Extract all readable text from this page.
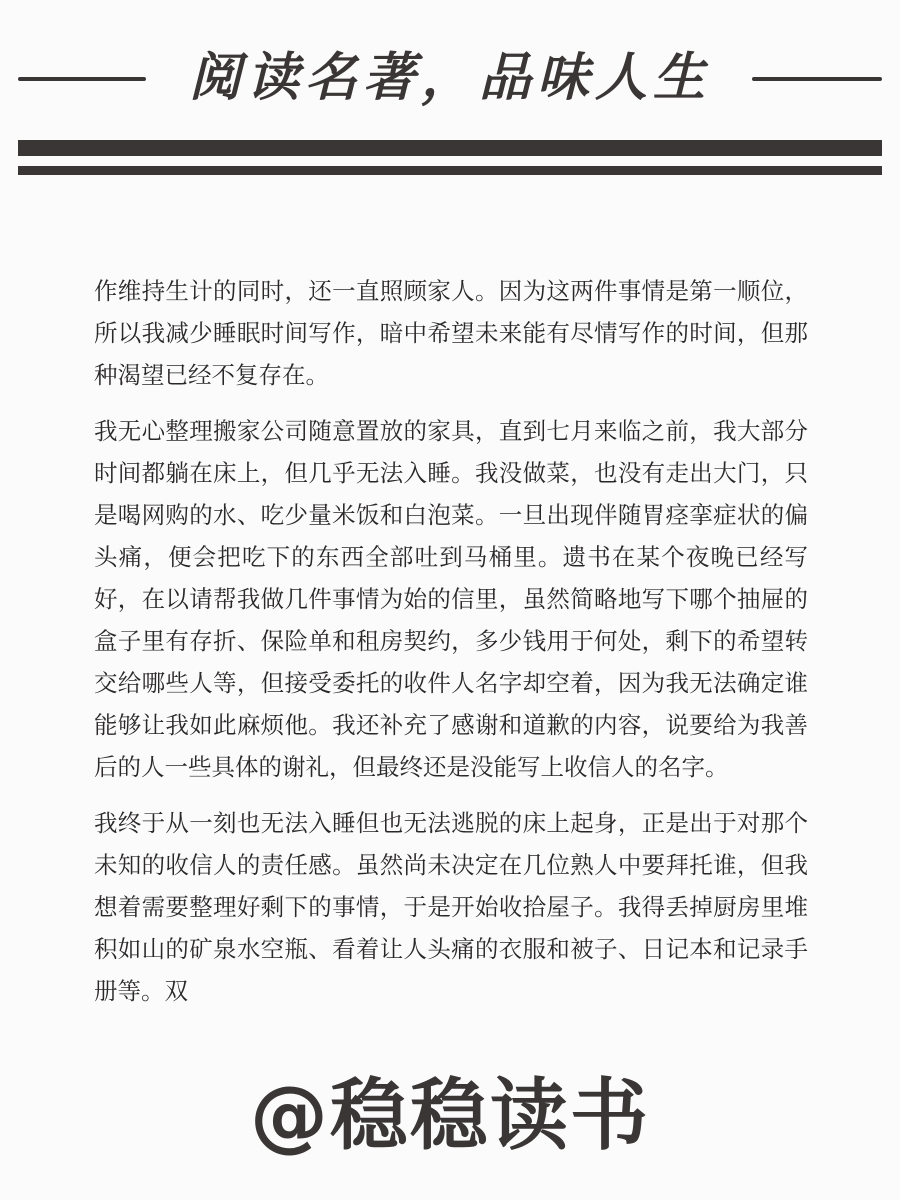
阅读名著，品味人生

作维持生计的同时，还一直照顾家人。因为这两件事情是第一顺位，所以我减少睡眠时间写作，暗中希望未来能有尽情写作的时间，但那种渴望已经不复存在。

我无心整理搬家公司随意置放的家具，直到七月来临之前，我大部分时间都躺在床上，但几乎无法入睡。我没做菜，也没有走出大门，只是喝网购的水、吃少量米饭和白泡菜。一旦出现伴随胃痉挛症状的偏头痛，便会把吃下的东西全部吐到马桶里。遗书在某个夜晚已经写好，在以请帮我做几件事情为始的信里，虽然简略地写下哪个抽屉的盒子里有存折、保险单和租房契约，多少钱用于何处，剩下的希望转交给哪些人等，但接受委托的收件人名字却空着，因为我无法确定谁能够让我如此麻烦他。我还补充了感谢和道歉的内容，说要给为我善后的人一些具体的谢礼，但最终还是没能写上收信人的名字。

我终于从一刻也无法入睡但也无法逃脱的床上起身，正是出于对那个未知的收信人的责任感。虽然尚未决定在几位熟人中要拜托谁，但我想着需要整理好剩下的事情，于是开始收拾屋子。我得丢掉厨房里堆积如山的矿泉水空瓶、看着让人头痛的衣服和被子、日记本和记录手册等。双

@稳稳读书
